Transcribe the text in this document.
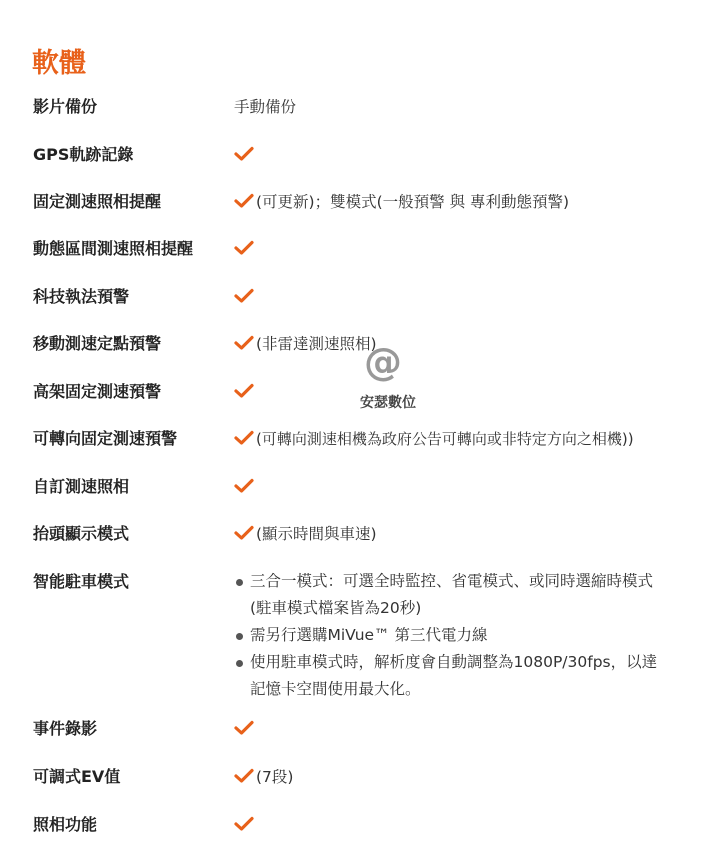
軟體
影片備份	手動備份
GPS軌跡記錄
固定測速照相提醒	(可更新)；雙模式(一般預警 與 專利動態預警)
動態區間測速照相提醒
科技執法預警
移動測速定點預警	(非雷達測速照相)
高架固定測速預警
可轉向固定測速預警	(可轉向測速相機為政府公告可轉向或非特定方向之相機))
自訂測速照相
抬頭顯示模式	(顯示時間與車速)
智能駐車模式	三合一模式：可選全時監控、省電模式、或同時選縮時模式
(駐車模式檔案皆為20秒)
需另行選購MiVue™ 第三代電力線
使用駐車模式時，解析度會自動調整為1080P/30fps，以達
記憶卡空間使用最大化。
事件錄影
可調式EV值	(7段)
照相功能
@
安瑟數位
